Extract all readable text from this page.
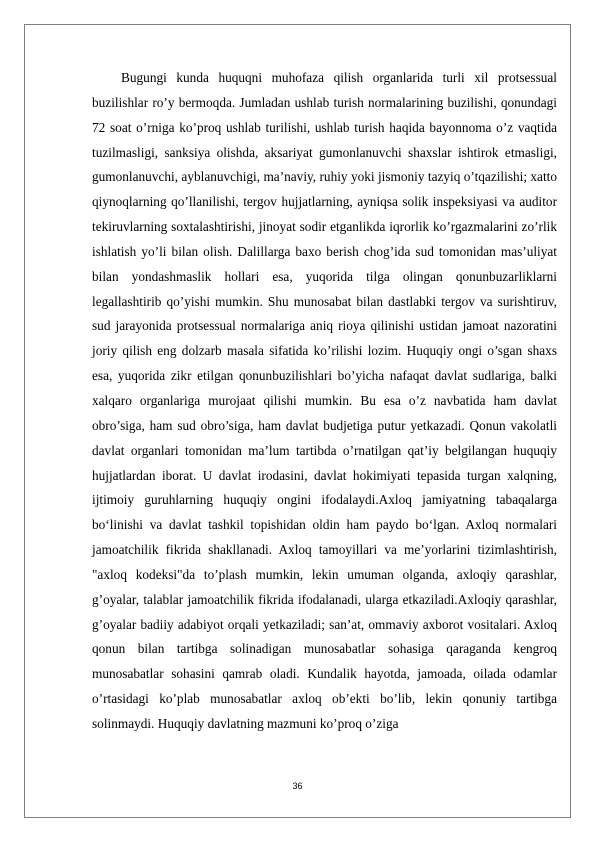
Bugungi kunda huquqni muhofaza qilish organlarida turli xil protsessual buzilishlar ro’y bermoqda. Jumladan ushlab turish normalarining buzilishi, qonundagi 72 soat o’rniga ko’proq ushlab turilishi, ushlab turish haqida bayonnoma o’z vaqtida tuzilmasligi, sanksiya olishda, aksariyat gumonlanuvchi shaxslar ishtirok etmasligi, gumonlanuvchi, ayblanuvchigi, ma’naviy, ruhiy yoki jismoniy tazyiq o’tqazilishi; xatto qiynoqlarning qo’llanilishi, tergov hujjatlarning, ayniqsa solik inspeksiyasi va auditor tekiruvlarning soxtalashtirishi, jinoyat sodir etganlikda iqrorlik ko’rgazmalarini zo’rlik ishlatish yo’li bilan olish. Dalillarga baxo berish chog’ida sud tomonidan mas’uliyat bilan yondashmaslik hollari esa, yuqorida tilga olingan qonunbuzarliklarni legallashtirib qo’yishi mumkin. Shu munosabat bilan dastlabki tergov va surishtiruv, sud jarayonida protsessual normalariga aniq rioya qilinishi ustidan jamoat nazoratini joriy qilish eng dolzarb masala sifatida ko’rilishi lozim. Huquqiy ongi o’sgan shaxs esa, yuqorida zikr etilgan qonunbuzilishlari bo’yicha nafaqat davlat sudlariga, balki xalqaro organlariga murojaat qilishi mumkin. Bu esa o’z navbatida ham davlat obro’siga, ham sud obro’siga, ham davlat budjetiga putur yetkazadi. Qonun vakolatli davlat organlari tomonidan ma’lum tartibda o’rnatilgan qat’iy belgilangan huquqiy hujjatlardan iborat. U davlat irodasini, davlat hokimiyati tepasida turgan xalqning, ijtimoiy guruhlarning huquqiy ongini ifodalaydi.Axloq jamiyatning tabaqalarga bo‘linishi va davlat tashkil topishidan oldin ham paydo bo‘lgan. Axloq normalari jamoatchilik fikrida shakllanadi. Axloq tamoyillari va me’yorlarini tizimlashtirish, "axloq kodeksi"da to’plash mumkin, lekin umuman olganda, axloqiy qarashlar, g’oyalar, talablar jamoatchilik fikrida ifodalanadi, ularga etkaziladi.Axloqiy qarashlar, g’oyalar badiiy adabiyot orqali yetkaziladi; san’at, ommaviy axborot vositalari. Axloq qonun bilan tartibga solinadigan munosabatlar sohasiga qaraganda kengroq munosabatlar sohasini qamrab oladi. Kundalik hayotda, jamoada, oilada odamlar o’rtasidagi ko’plab munosabatlar axloq ob’ekti bo’lib, lekin qonuniy tartibga solinmaydi. Huquqiy davlatning mazmuni ko’proq o’ziga

36
